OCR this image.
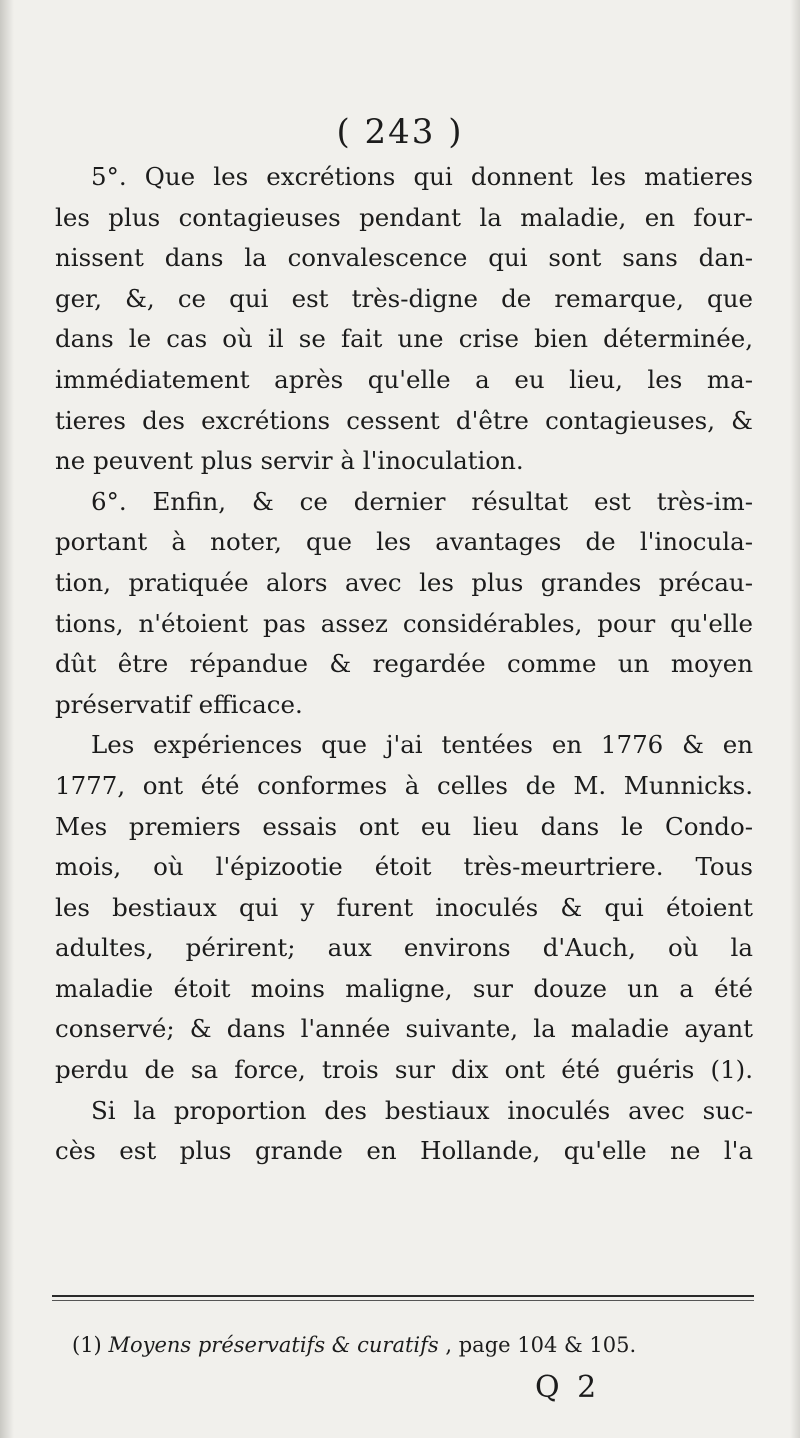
( 243 )
5°. Que les excrétions qui donnent les matieres
les plus contagieuses pendant la maladie, en four-
nissent dans la convalescence qui sont sans dan-
ger, &, ce qui est très-digne de remarque, que
dans le cas où il se fait une crise bien déterminée,
immédiatement après qu'elle a eu lieu, les ma-
tieres des excrétions cessent d'être contagieuses, &
ne peuvent plus servir à l'inoculation.
6°. Enfin, & ce dernier résultat est très-im-
portant à noter, que les avantages de l'inocula-
tion, pratiquée alors avec les plus grandes précau-
tions, n'étoient pas assez considérables, pour qu'elle
dût être répandue & regardée comme un moyen
préservatif efficace.
Les expériences que j'ai tentées en 1776 & en
1777, ont été conformes à celles de M. Munnicks.
Mes premiers essais ont eu lieu dans le Condo-
mois, où l'épizootie étoit très-meurtriere. Tous
les bestiaux qui y furent inoculés & qui étoient
adultes, périrent; aux environs d'Auch, où la
maladie étoit moins maligne, sur douze un a été
conservé; & dans l'année suivante, la maladie ayant
perdu de sa force, trois sur dix ont été guéris (1).
Si la proportion des bestiaux inoculés avec suc-
cès est plus grande en Hollande, qu'elle ne l'a
(1) Moyens préservatifs & curatifs , page 104 & 105.
Q 2
